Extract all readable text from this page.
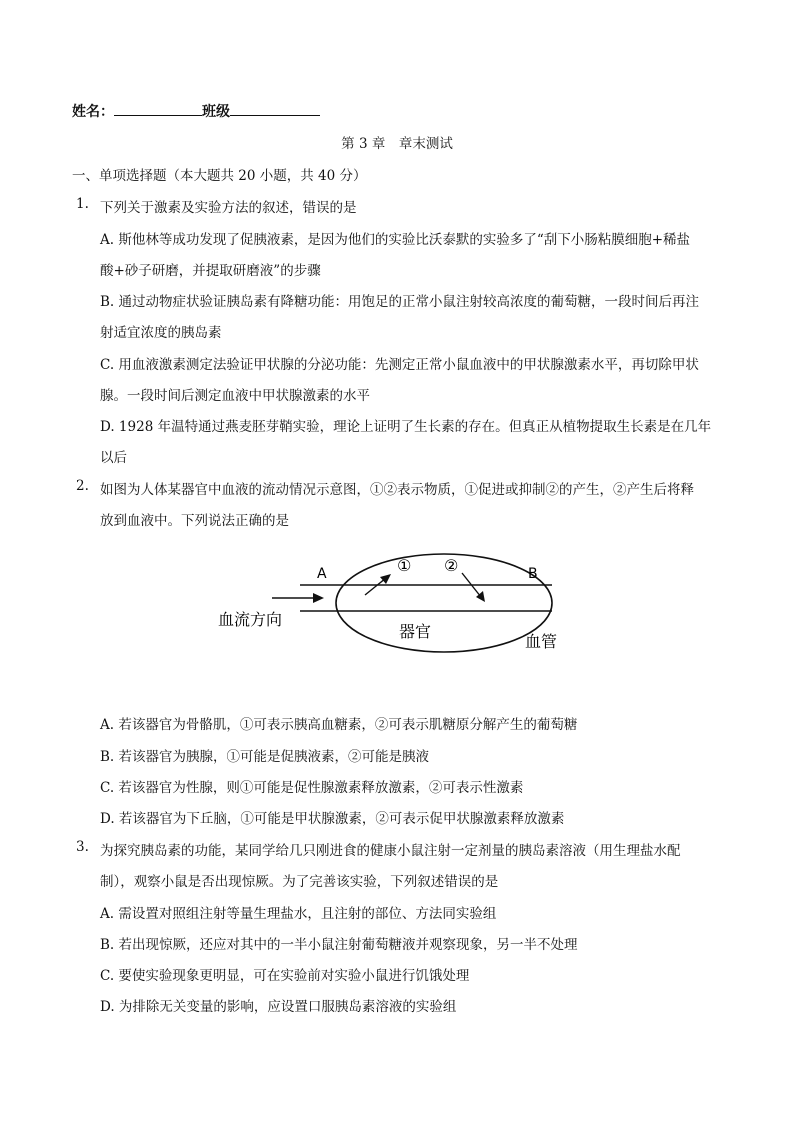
姓名：	班级
第 3 章　章末测试
一、单项选择题（本大题共 20 小题，共 40 分）
1. 下列关于激素及实验方法的叙述，错误的是
A. 斯他林等成功发现了促胰液素，是因为他们的实验比沃泰默的实验多了“刮下小肠粘膜细胞+稀盐
酸+砂子研磨，并提取研磨液”的步骤
B. 通过动物症状验证胰岛素有降糖功能：用饱足的正常小鼠注射较高浓度的葡萄糖，一段时间后再注
射适宜浓度的胰岛素
C. 用血液激素测定法验证甲状腺的分泌功能：先测定正常小鼠血液中的甲状腺激素水平，再切除甲状
腺。一段时间后测定血液中甲状腺激素的水平
D. 1928 年温特通过燕麦胚芽鞘实验，理论上证明了生长素的存在。但真正从植物提取生长素是在几年
以后
2. 如图为人体某器官中血液的流动情况示意图，①②表示物质，①促进或抑制②的产生，②产生后将释
放到血液中。下列说法正确的是
A	B
① ②
血流方向
器官
血管
A. 若该器官为骨骼肌，①可表示胰高血糖素，②可表示肌糖原分解产生的葡萄糖
B. 若该器官为胰腺，①可能是促胰液素，②可能是胰液
C. 若该器官为性腺，则①可能是促性腺激素释放激素，②可表示性激素
D. 若该器官为下丘脑，①可能是甲状腺激素，②可表示促甲状腺激素释放激素
3. 为探究胰岛素的功能，某同学给几只刚进食的健康小鼠注射一定剂量的胰岛素溶液（用生理盐水配
制），观察小鼠是否出现惊厥。为了完善该实验，下列叙述错误的是
A. 需设置对照组注射等量生理盐水，且注射的部位、方法同实验组
B. 若出现惊厥，还应对其中的一半小鼠注射葡萄糖液并观察现象，另一半不处理
C. 要使实验现象更明显，可在实验前对实验小鼠进行饥饿处理
D. 为排除无关变量的影响，应设置口服胰岛素溶液的实验组
